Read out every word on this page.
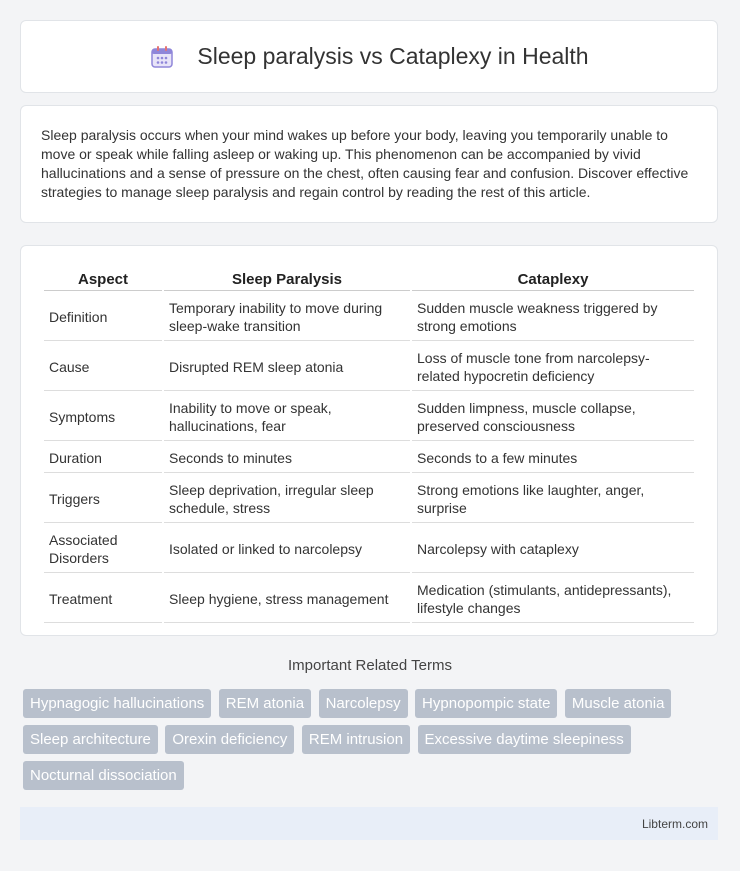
Sleep paralysis vs Cataplexy in Health

Sleep paralysis occurs when your mind wakes up before your body, leaving you temporarily unable to move or speak while falling asleep or waking up. This phenomenon can be accompanied by vivid hallucinations and a sense of pressure on the chest, often causing fear and confusion. Discover effective strategies to manage sleep paralysis and regain control by reading the rest of this article.

Aspect	Sleep Paralysis	Cataplexy
Definition	Temporary inability to move during sleep-wake transition	Sudden muscle weakness triggered by strong emotions
Cause	Disrupted REM sleep atonia	Loss of muscle tone from narcolepsy-related hypocretin deficiency
Symptoms	Inability to move or speak, hallucinations, fear	Sudden limpness, muscle collapse, preserved consciousness
Duration	Seconds to minutes	Seconds to a few minutes
Triggers	Sleep deprivation, irregular sleep schedule, stress	Strong emotions like laughter, anger, surprise
Associated Disorders	Isolated or linked to narcolepsy	Narcolepsy with cataplexy
Treatment	Sleep hygiene, stress management	Medication (stimulants, antidepressants), lifestyle changes
Important Related Terms
Hypnagogic hallucinations REM atonia Narcolepsy Hypnopompic state Muscle atonia Sleep architecture Orexin deficiency REM intrusion Excessive daytime sleepiness Nocturnal dissociation
Libterm.com
